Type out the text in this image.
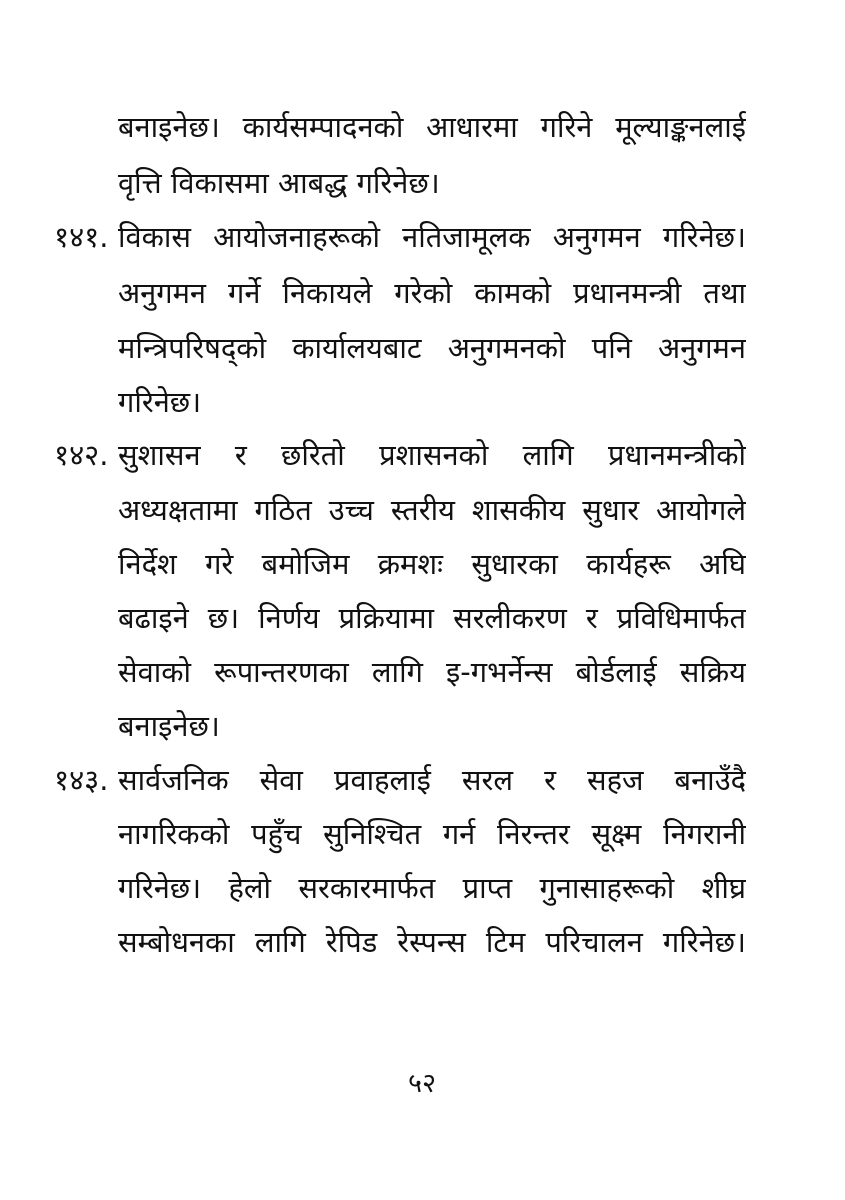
बनाइनेछ। कार्यसम्पादनको आधारमा गरिने मूल्याङ्कनलाई
वृत्ति विकासमा आबद्ध गरिनेछ।
१४१. विकास आयोजनाहरूको नतिजामूलक अनुगमन गरिनेछ।
अनुगमन गर्ने निकायले गरेको कामको प्रधानमन्त्री तथा
मन्त्रिपरिषद्को कार्यालयबाट अनुगमनको पनि अनुगमन
गरिनेछ।
१४२. सुशासन र छरितो प्रशासनको लागि प्रधानमन्त्रीको
अध्यक्षतामा गठित उच्च स्तरीय शासकीय सुधार आयोगले
निर्देश गरे बमोजिम क्रमशः सुधारका कार्यहरू अघि
बढाइने छ। निर्णय प्रक्रियामा सरलीकरण र प्रविधिमार्फत
सेवाको रूपान्तरणका लागि इ-गभर्नेन्स बोर्डलाई सक्रिय
बनाइनेछ।
१४३. सार्वजनिक सेवा प्रवाहलाई सरल र सहज बनाउँदै
नागरिकको पहुँच सुनिश्चित गर्न निरन्तर सूक्ष्म निगरानी
गरिनेछ। हेलो सरकारमार्फत प्राप्त गुनासाहरूको शीघ्र
सम्बोधनका लागि रेपिड रेस्पन्स टिम परिचालन गरिनेछ।
५२
